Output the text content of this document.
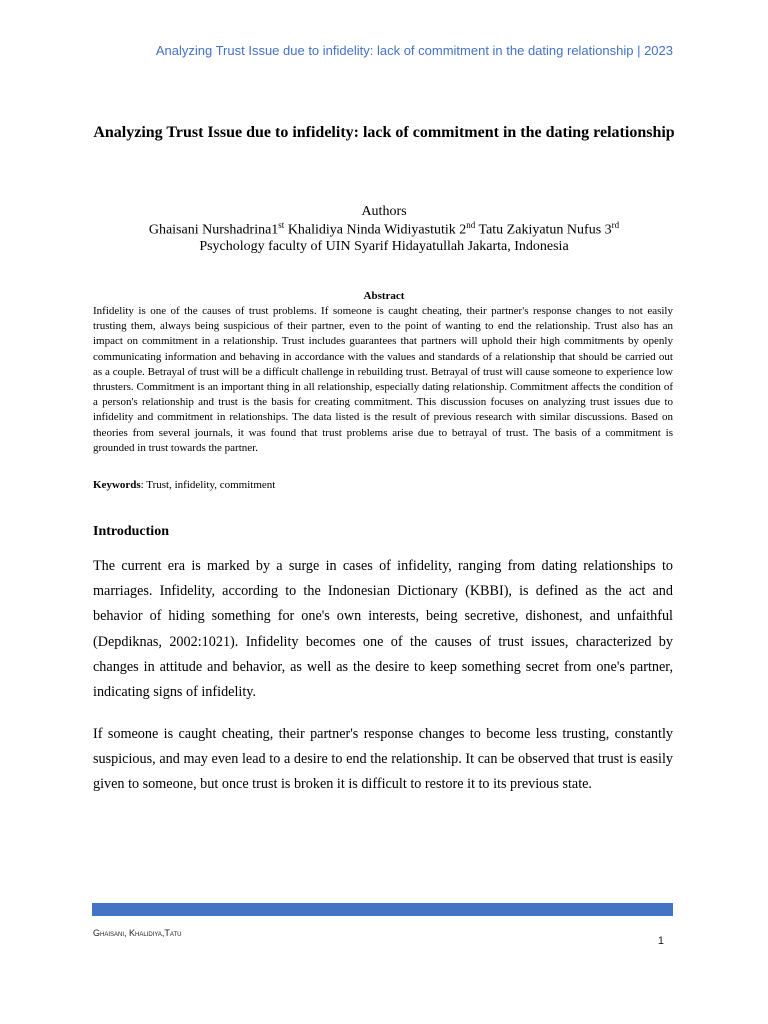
Analyzing Trust Issue due to infidelity: lack of commitment in the dating relationship | 2023
Analyzing Trust Issue due to infidelity: lack of commitment in the dating relationship
Authors
Ghaisani Nurshadrina1st Khalidiya Ninda Widiyastutik 2nd Tatu Zakiyatun Nufus 3rd
Psychology faculty of UIN Syarif Hidayatullah Jakarta, Indonesia
Abstract
Infidelity is one of the causes of trust problems. If someone is caught cheating, their partner's response changes to not easily trusting them, always being suspicious of their partner, even to the point of wanting to end the relationship. Trust also has an impact on commitment in a relationship. Trust includes guarantees that partners will uphold their high commitments by openly communicating information and behaving in accordance with the values and standards of a relationship that should be carried out as a couple. Betrayal of trust will be a difficult challenge in rebuilding trust. Betrayal of trust will cause someone to experience low thrusters. Commitment is an important thing in all relationship, especially dating relationship. Commitment affects the condition of a person's relationship and trust is the basis for creating commitment. This discussion focuses on analyzing trust issues due to infidelity and commitment in relationships. The data listed is the result of previous research with similar discussions. Based on theories from several journals, it was found that trust problems arise due to betrayal of trust. The basis of a commitment is grounded in trust towards the partner.
Keywords: Trust, infidelity, commitment
Introduction
The current era is marked by a surge in cases of infidelity, ranging from dating relationships to marriages. Infidelity, according to the Indonesian Dictionary (KBBI), is defined as the act and behavior of hiding something for one's own interests, being secretive, dishonest, and unfaithful (Depdiknas, 2002:1021). Infidelity becomes one of the causes of trust issues, characterized by changes in attitude and behavior, as well as the desire to keep something secret from one's partner, indicating signs of infidelity.
If someone is caught cheating, their partner's response changes to become less trusting, constantly suspicious, and may even lead to a desire to end the relationship. It can be observed that trust is easily given to someone, but once trust is broken it is difficult to restore it to its previous state.
Ghaisani, Khalidiya,Tatu
1
